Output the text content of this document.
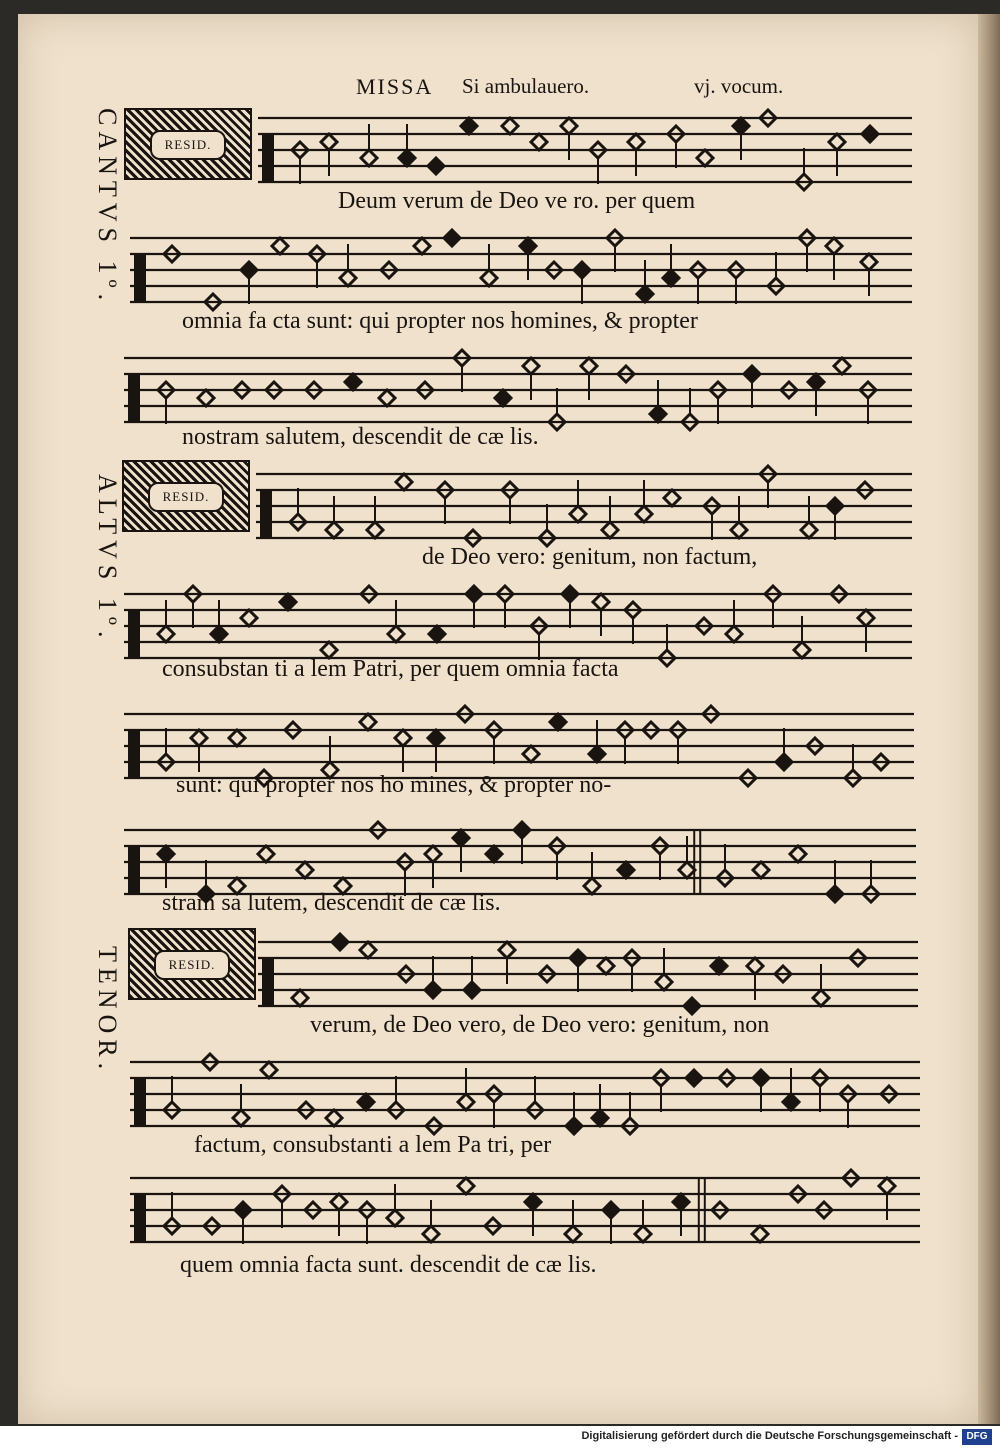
MISSA Si ambulauero.	vj. vocum.
CANTVS 1º.
ALTVS 1º.
TENOR.
RESID.
RESID.
RESID.
Deum verum de Deo ve ro. per quem
omnia fa cta sunt: qui propter nos homines, & propter
nostram salutem, descendit de cæ lis.
de Deo vero: genitum, non factum,
consubstan ti a lem Patri, per quem omnia facta
sunt: qui propter nos ho mines, & propter no-
stram sa lutem, descendit de cæ lis.
verum, de Deo vero, de Deo vero: genitum, non
factum, consubstanti a lem Pa tri, per
quem omnia facta sunt. descendit de cæ lis.
Digitalisierung gefördert durch die Deutsche Forschungsgemeinschaft - DFG
